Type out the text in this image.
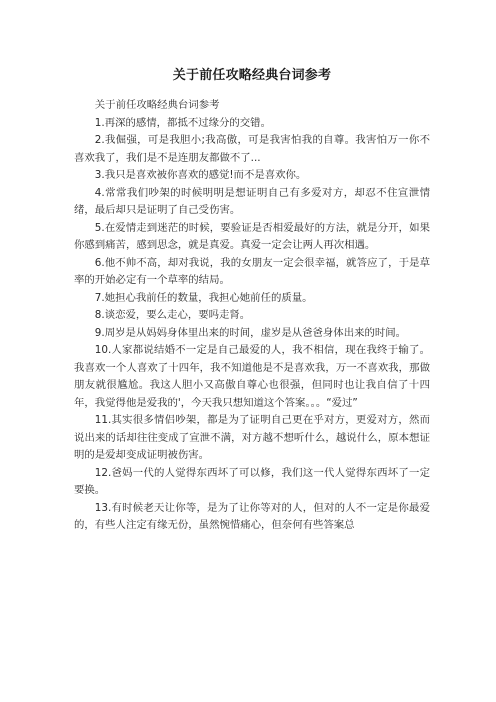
关于前任攻略经典台词参考

关于前任攻略经典台词参考

1.再深的感情，都抵不过缘分的交错。

2.我倔强，可是我胆小;我高傲，可是我害怕我的自尊。我害怕万一你不喜欢我了，我们是不是连朋友都做不了...

3.我只是喜欢被你喜欢的感觉!而不是喜欢你。

4.常常我们吵架的时候明明是想证明自己有多爱对方，却忍不住宣泄情绪，最后却只是证明了自己受伤害。

5.在爱情走到迷茫的时候，要验证是否相爱最好的方法，就是分开，如果你感到痛苦，感到思念，就是真爱。真爱一定会让两人再次相遇。

6.他不帅不高，却对我说，我的女朋友一定会很幸福，就答应了，于是草率的开始必定有一个草率的结局。

7.她担心我前任的数量，我担心她前任的质量。

8.谈恋爱，要么走心，要吗走肾。

9.周岁是从妈妈身体里出来的时间，虚岁是从爸爸身体出来的时间。

10.人家都说结婚不一定是自己最爱的人，我不相信，现在我终于输了。我喜欢一个人喜欢了十四年，我不知道他是不是喜欢我，万一不喜欢我，那做朋友就很尴尬。我这人胆小又高傲自尊心也很强，但同时也让我自信了十四年，我觉得他是爱我的'，今天我只想知道这个答案。。。“爱过”

11.其实很多情侣吵架，都是为了证明自己更在乎对方，更爱对方，然而说出来的话却往往变成了宣泄不满，对方越不想听什么，越说什么，原本想证明的是爱却变成证明被伤害。

12.爸妈一代的人觉得东西坏了可以修，我们这一代人觉得东西坏了一定要换。

13.有时候老天让你等，是为了让你等对的人，但对的人不一定是你最爱的，有些人注定有缘无份，虽然惋惜痛心，但奈何有些答案总
